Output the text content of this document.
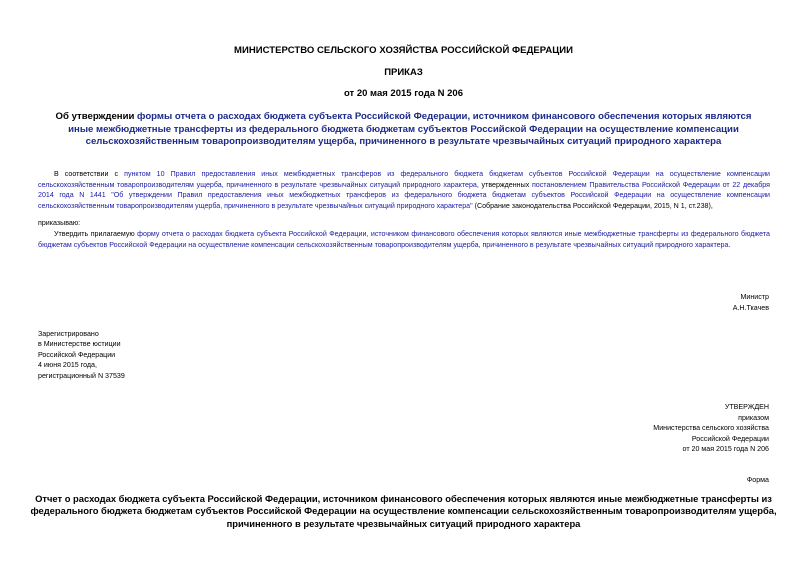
МИНИСТЕРСТВО СЕЛЬСКОГО ХОЗЯЙСТВА РОССИЙСКОЙ ФЕДЕРАЦИИ
ПРИКАЗ
от 20 мая 2015 года N 206
Об утверждении формы отчета о расходах бюджета субъекта Российской Федерации, источником финансового обеспечения которых являются иные межбюджетные трансферты из федерального бюджета бюджетам субъектов Российской Федерации на осуществление компенсации сельскохозяйственным товаропроизводителям ущерба, причиненного в результате чрезвычайных ситуаций природного характера
В соответствии с пунктом 10 Правил предоставления иных межбюджетных трансферов из федерального бюджета бюджетам субъектов Российской Федерации на осуществление компенсации сельскохозяйственным товаропроизводителям ущерба, причиненного в результате чрезвычайных ситуаций природного характера, утвержденных постановлением Правительства Российской Федерации от 22 декабря 2014 года N 1441 "Об утверждении Правил предоставления иных межбюджетных трансферов из федерального бюджета бюджетам субъектов Российской Федерации на осуществление компенсации сельскохозяйственным товаропроизводителям ущерба, причиненного в результате чрезвычайных ситуаций природного характера" (Собрание законодательства Российской Федерации, 2015, N 1, ст.238),
приказываю:
Утвердить прилагаемую форму отчета о расходах бюджета субъекта Российской Федерации, источником финансового обеспечения которых являются иные межбюджетные трансферты из федерального бюджета бюджетам субъектов Российской Федерации на осуществление компенсации сельскохозяйственным товаропроизводителям ущерба, причиненного в результате чрезвычайных ситуаций природного характера.
Министр
А.Н.Ткачев
Зарегистрировано
в Министерстве юстиции
Российской Федерации
4 июня 2015 года,
регистрационный N 37539
УТВЕРЖДЕН
приказом
Министерства сельского хозяйства
Российской Федерации
от 20 мая 2015 года N 206
Форма
Отчет о расходах бюджета субъекта Российской Федерации, источником финансового обеспечения которых являются иные межбюджетные трансферты из федерального бюджета бюджетам субъектов Российской Федерации на осуществление компенсации сельскохозяйственным товаропроизводителям ущерба, причиненного в результате чрезвычайных ситуаций природного характера
